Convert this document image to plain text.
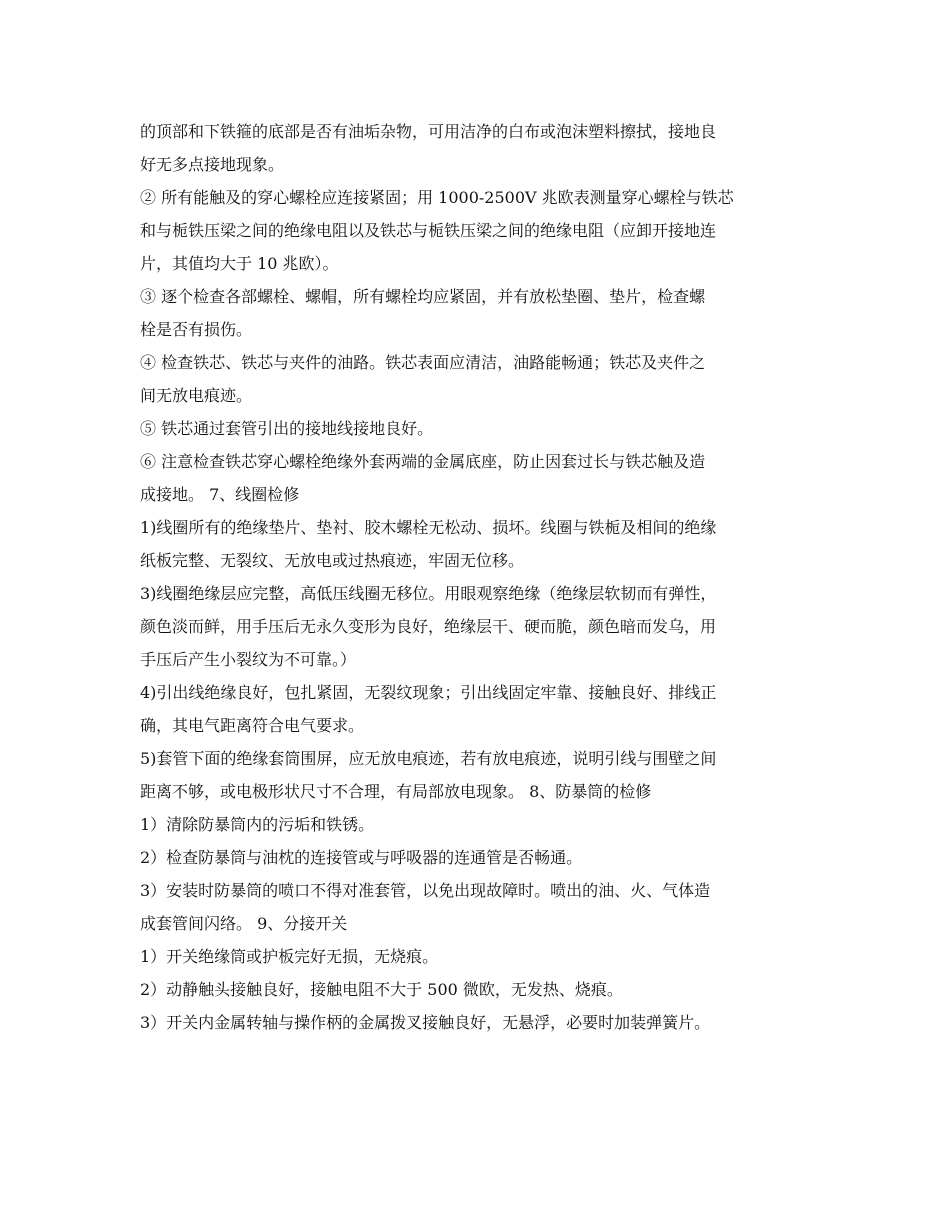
的顶部和下铁箍的底部是否有油垢杂物，可用洁净的白布或泡沫塑料擦拭，接地良
好无多点接地现象。
② 所有能触及的穿心螺栓应连接紧固；用 1000-2500V 兆欧表测量穿心螺栓与铁芯
和与栀铁压梁之间的绝缘电阻以及铁芯与栀铁压梁之间的绝缘电阻（应卸开接地连
片，其值均大于 10 兆欧）。
③ 逐个检查各部螺栓、螺帽，所有螺栓均应紧固，并有放松垫圈、垫片，检查螺
栓是否有损伤。
④ 检查铁芯、铁芯与夹件的油路。铁芯表面应清洁，油路能畅通；铁芯及夹件之
间无放电痕迹。
⑤ 铁芯通过套管引出的接地线接地良好。
⑥ 注意检查铁芯穿心螺栓绝缘外套两端的金属底座，防止因套过长与铁芯触及造
成接地。 7、线圈检修
1)线圈所有的绝缘垫片、垫衬、胶木螺栓无松动、损坏。线圈与铁栀及相间的绝缘
纸板完整、无裂纹、无放电或过热痕迹，牢固无位移。
3)线圈绝缘层应完整，高低压线圈无移位。用眼观察绝缘（绝缘层软韧而有弹性，
颜色淡而鲜，用手压后无永久变形为良好，绝缘层干、硬而脆，颜色暗而发乌，用
手压后产生小裂纹为不可靠。）
4)引出线绝缘良好，包扎紧固，无裂纹现象；引出线固定牢靠、接触良好、排线正
确，其电气距离符合电气要求。
5)套管下面的绝缘套筒围屏，应无放电痕迹，若有放电痕迹，说明引线与围壁之间
距离不够，或电极形状尺寸不合理，有局部放电现象。 8、防暴筒的检修
1）清除防暴筒内的污垢和铁锈。
2）检查防暴筒与油枕的连接管或与呼吸器的连通管是否畅通。
3）安装时防暴筒的喷口不得对准套管，以免出现故障时。喷出的油、火、气体造
成套管间闪络。 9、分接开关
1）开关绝缘筒或护板完好无损，无烧痕。
2）动静触头接触良好，接触电阻不大于 500 微欧，无发热、烧痕。
3）开关内金属转轴与操作柄的金属拨叉接触良好，无悬浮，必要时加装弹簧片。
